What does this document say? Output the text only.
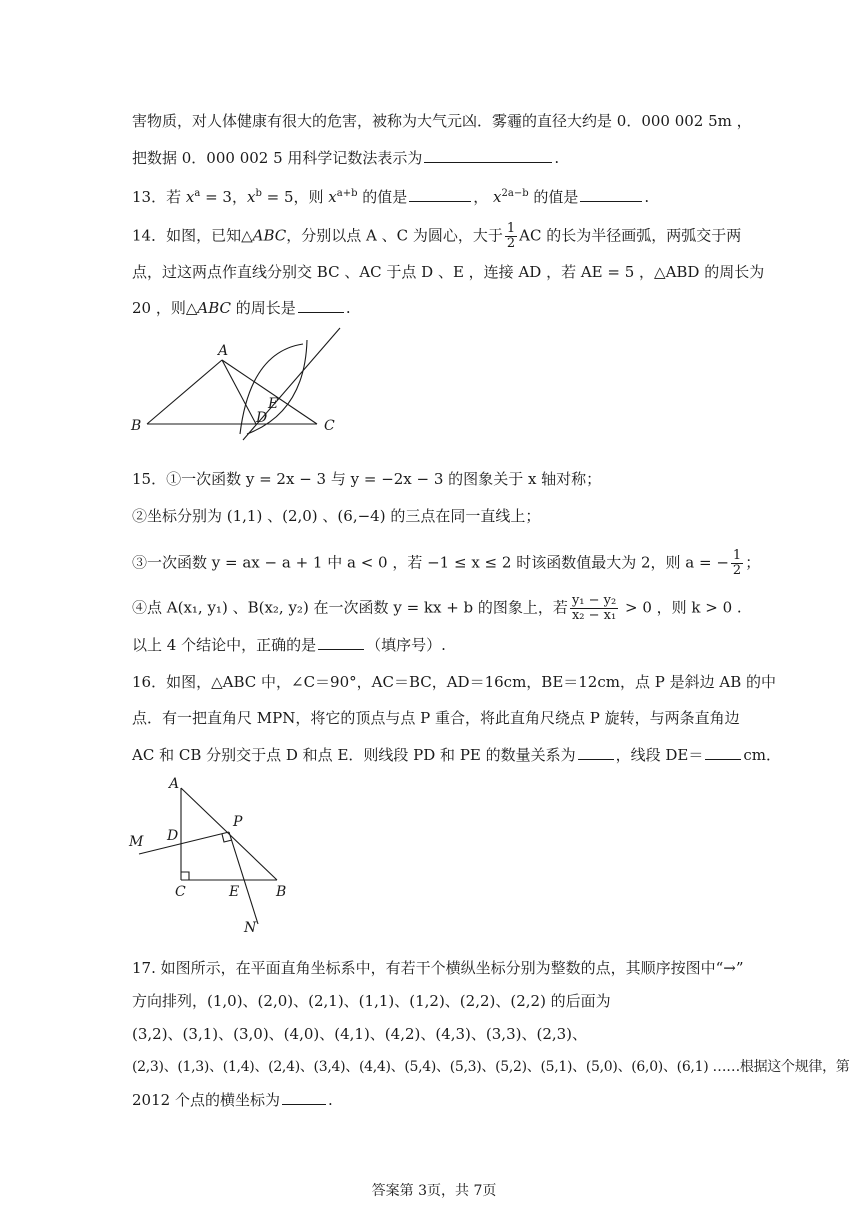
害物质，对人体健康有很大的危害，被称为大气元凶．雾霾的直径大约是 0．000 002 5m ，
把数据 0．000 002 5 用科学记数法表示为	.
13．若 $x^a = 3$，$x^b = 5$，则 $x^{a+b}$ 的值是	， $x^{2a-b}$ 的值是	.
14．如图，已知△ABC，分别以点 A 、C 为圆心，大于 $\frac{1}{2}$ AC 的长为半径画弧，两弧交于两
点，过这两点作直线分别交 BC 、AC 于点 D 、E ，连接 AD ，若 AE = 5 ，△ABD 的周长为
20 ，则△ABC 的周长是	.
A
B	C
D
E
15．①一次函数 y = 2x − 3 与 y = −2x − 3 的图象关于 x 轴对称；
②坐标分别为 (1,1) 、(2,0) 、(6,−4) 的三点在同一直线上；
③一次函数 y = ax − a + 1 中 a < 0 ，若 −1 ≤ x ≤ 2 时该函数值最大为 2，则 a = − $\frac{1}{2}$ ；
④点 A(x₁, y₁) 、B(x₂, y₂) 在一次函数 y = kx + b 的图象上，若 $\frac{\text{y₁ − y₂}}{\text{x₂ − x₁}} > 0$ ，则 k > 0 .
以上 4 个结论中，正确的是	（填序号）.
16．如图，△ABC 中，∠C＝90°，AC＝BC，AD＝16cm，BE＝12cm，点 P 是斜边 AB 的中
点．有一把直角尺 MPN，将它的顶点与点 P 重合，将此直角尺绕点 P 旋转，与两条直角边
AC 和 CB 分别交于点 D 和点 E．则线段 PD 和 PE 的数量关系为	，线段 DE＝	cm．
A
M D
P
C	E	B
N
17. 如图所示，在平面直角坐标系中，有若干个横纵坐标分别为整数的点，其顺序按图中“→”
方向排列，(1,0)、(2,0)、(2,1)、(1,1)、(1,2)、(2,2)、(2,2) 的后面为
(3,2)、(3,1)、(3,0)、(4,0)、(4,1)、(4,2)、(4,3)、(3,3)、(2,3)、
(2,3)、(1,3)、(1,4)、(2,4)、(3,4)、(4,4)、(5,4)、(5,3)、(5,2)、(5,1)、(5,0)、(6,0)、(6,1) ……根据这个规律，第
2012 个点的横坐标为	.
答案第 3页，共 7页
